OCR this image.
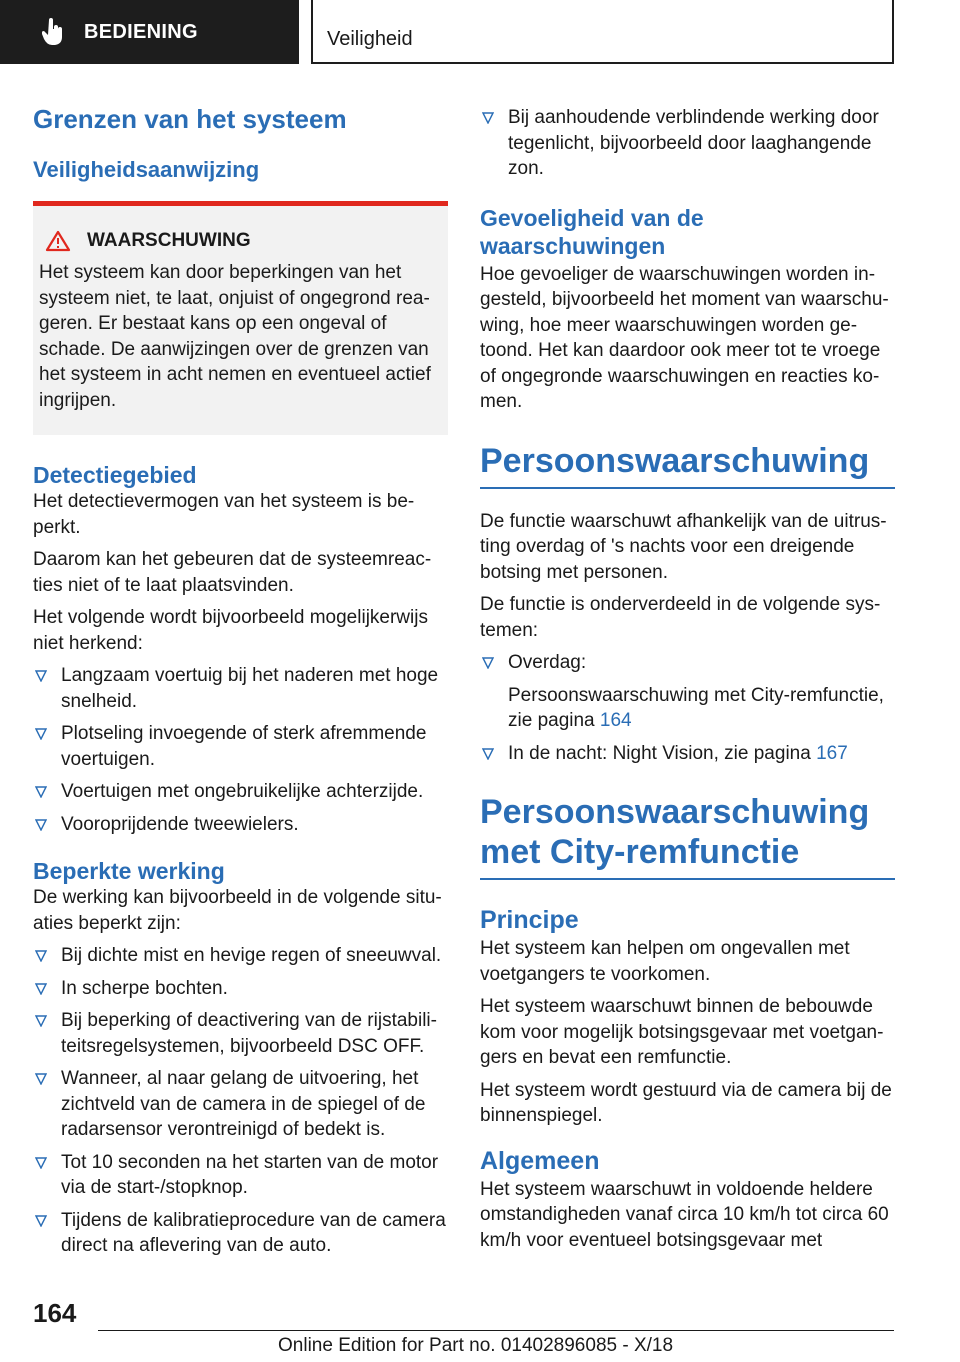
BEDIENING	Veiligheid
Grenzen van het systeem
Veiligheidsaanwijzing
WAARSCHUWING

Het systeem kan door beperkingen van het systeem niet, te laat, onjuist of ongegrond reageren. Er bestaat kans op een ongeval of schade. De aanwijzingen over de grenzen van het systeem in acht nemen en eventueel actief ingrijpen.

Detectiegebied

Het detectievermogen van het systeem is beperkt.

Daarom kan het gebeuren dat de systeemreacties niet of te laat plaatsvinden.

Het volgende wordt bijvoorbeeld mogelijkerwijs niet herkend:

Langzaam voertuig bij het naderen met hoge snelheid.
Plotseling invoegende of sterk afremmende voertuigen.
Voertuigen met ongebruikelijke achterzijde.
Vooroprijdende tweewielers.
Beperkte werking

De werking kan bijvoorbeeld in de volgende situaties beperkt zijn:

Bij dichte mist en hevige regen of sneeuwval.
In scherpe bochten.
Bij beperking of deactivering van de rijstabiliteitsregelsystemen, bijvoorbeeld DSC OFF.
Wanneer, al naar gelang de uitvoering, het zichtveld van de camera in de spiegel of de radarsensor verontreinigd of bedekt is.
Tot 10 seconden na het starten van de motor via de start-/stopknop.
Tijdens de kalibratieprocedure van de camera direct na aflevering van de auto.
Bij aanhoudende verblindende werking door tegenlicht, bijvoorbeeld door laaghangende zon.
Gevoeligheid van de waarschuwingen

Hoe gevoeliger de waarschuwingen worden ingesteld, bijvoorbeeld het moment van waarschuwing, hoe meer waarschuwingen worden getoond. Het kan daardoor ook meer tot te vroege of ongegronde waarschuwingen en reacties komen.

Persoonswaarschuwing

De functie waarschuwt afhankelijk van de uitrusting overdag of 's nachts voor een dreigende botsing met personen.

De functie is onderverdeeld in de volgende systemen:

Overdag:
Persoonswaarschuwing met City-remfunctie, zie pagina 164
In de nacht: Night Vision, zie pagina 167
Persoonswaarschuwing met City-remfunctie
Principe

Het systeem kan helpen om ongevallen met voetgangers te voorkomen.

Het systeem waarschuwt binnen de bebouwde kom voor mogelijk botsingsgevaar met voetgangers en bevat een remfunctie.

Het systeem wordt gestuurd via de camera bij de binnenspiegel.

Algemeen

Het systeem waarschuwt in voldoende heldere omstandigheden vanaf circa 10 km/h tot circa 60 km/h voor eventueel botsingsgevaar met

164
Online Edition for Part no. 01402896085 - X/18
